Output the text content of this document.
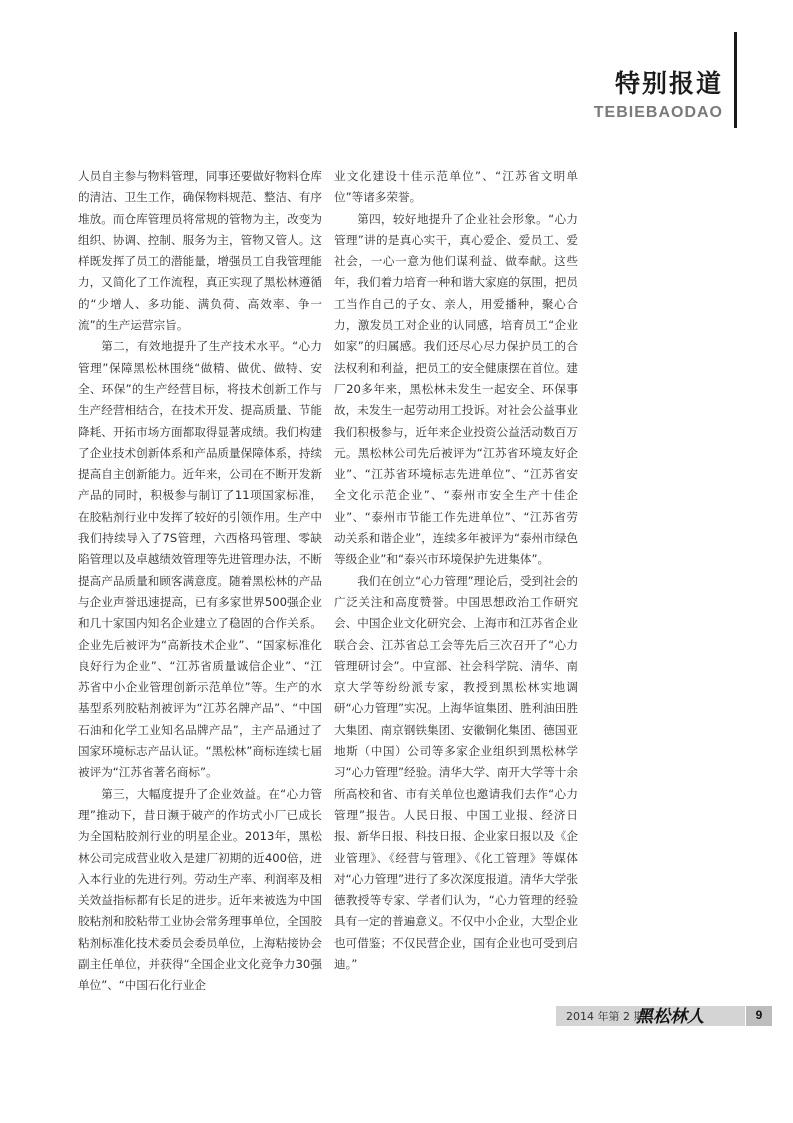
特别报道
TEBIEBAODAO

人员自主参与物料管理，同事还要做好物料仓库的清洁、卫生工作，确保物料规范、整洁、有序堆放。而仓库管理员将常规的管物为主，改变为组织、协调、控制、服务为主，管物又管人。这样既发挥了员工的潜能量，增强员工自我管理能力，又简化了工作流程，真正实现了黑松林遵循的“少增人、多功能、满负荷、高效率、争一流”的生产运营宗旨。

第二，有效地提升了生产技术水平。“心力管理”保障黑松林围绕“做精、做优、做特、安全、环保”的生产经营目标，将技术创新工作与生产经营相结合，在技术开发、提高质量、节能降耗、开拓市场方面都取得显著成绩。我们构建了企业技术创新体系和产品质量保障体系，持续提高自主创新能力。近年来，公司在不断开发新产品的同时，积极参与制订了11项国家标准，在胶粘剂行业中发挥了较好的引领作用。生产中我们持续导入了7S管理，六西格玛管理、零缺陷管理以及卓越绩效管理等先进管理办法，不断提高产品质量和顾客满意度。随着黑松林的产品与企业声誉迅速提高，已有多家世界500强企业和几十家国内知名企业建立了稳固的合作关系。企业先后被评为“高新技术企业”、“国家标准化良好行为企业”、“江苏省质量诚信企业”、“江苏省中小企业管理创新示范单位”等。生产的水基型系列胶粘剂被评为“江苏名牌产品”、“中国石油和化学工业知名品牌产品”，主产品通过了国家环境标志产品认证。“黑松林”商标连续七届被评为“江苏省著名商标”。

第三，大幅度提升了企业效益。在“心力管理”推动下，昔日濒于破产的作坊式小厂已成长为全国粘胶剂行业的明星企业。2013年，黑松林公司完成营业收入是建厂初期的近400倍，进入本行业的先进行列。劳动生产率、利润率及相关效益指标都有长足的进步。近年来被选为中国胶粘剂和胶粘带工业协会常务理事单位，全国胶粘剂标准化技术委员会委员单位，上海粘接协会副主任单位，并获得“全国企业文化竞争力30强单位”、“中国石化行业企

业文化建设十佳示范单位”、“江苏省文明单位”等诸多荣誉。

第四，较好地提升了企业社会形象。“心力管理”讲的是真心实干，真心爱企、爱员工、爱社会，一心一意为他们谋利益、做奉献。这些年，我们着力培育一种和谐大家庭的氛围，把员工当作自己的子女、亲人，用爱播种，聚心合力，激发员工对企业的认同感，培育员工“企业如家”的归属感。我们还尽心尽力保护员工的合法权利和利益，把员工的安全健康摆在首位。建厂20多年来，黑松林未发生一起安全、环保事故，未发生一起劳动用工投诉。对社会公益事业我们积极参与，近年来企业投资公益活动数百万元。黑松林公司先后被评为“江苏省环境友好企业”、“江苏省环境标志先进单位”、“江苏省安全文化示范企业”、“泰州市安全生产十佳企业”、“泰州市节能工作先进单位”、“江苏省劳动关系和谐企业”，连续多年被评为“泰州市绿色等级企业”和“泰兴市环境保护先进集体”。

我们在创立“心力管理”理论后，受到社会的广泛关注和高度赞誉。中国思想政治工作研究会、中国企业文化研究会、上海市和江苏省企业联合会、江苏省总工会等先后三次召开了“心力管理研讨会”。中宣部、社会科学院、清华、南京大学等纷纷派专家，教授到黑松林实地调研“心力管理”实况。上海华谊集团、胜利油田胜大集团、南京钢铁集团、安徽铜化集团、德国亚地斯（中国）公司等多家企业组织到黑松林学习“心力管理”经验。清华大学、南开大学等十余所高校和省、市有关单位也邀请我们去作“心力管理”报告。人民日报、中国工业报、经济日报、新华日报、科技日报、企业家日报以及《企业管理》、《经营与管理》、《化工管理》等媒体对“心力管理”进行了多次深度报道。清华大学张德教授等专家、学者们认为，“心力管理的经验具有一定的普遍意义。不仅中小企业，大型企业也可借鉴；不仅民营企业，国有企业也可受到启迪。”

2014 年第 2 期
黑松林人	9
